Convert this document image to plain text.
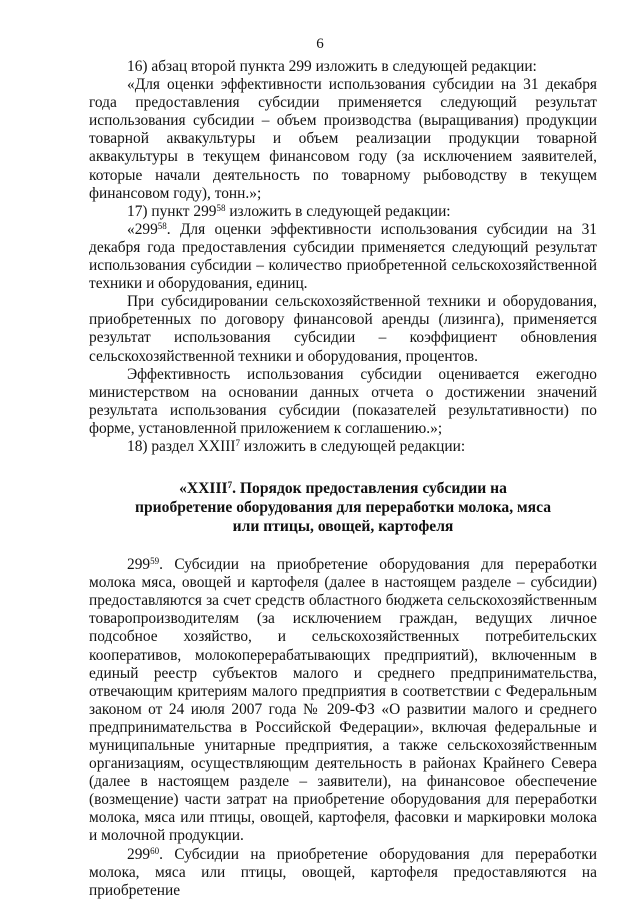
6

16) абзац второй пункта 299 изложить в следующей редакции:

«Для оценки эффективности использования субсидии на 31 декабря года предоставления субсидии применяется следующий результат использования субсидии – объем производства (выращивания) продукции товарной аквакультуры и объем реализации продукции товарной аквакультуры в текущем финансовом году (за исключением заявителей, которые начали деятельность по товарному рыбоводству в текущем финансовом году), тонн.»;

17) пункт $299^{58}$ изложить в следующей редакции:

«$299^{58}$. Для оценки эффективности использования субсидии на 31 декабря года предоставления субсидии применяется следующий результат использования субсидии – количество приобретенной сельскохозяйственной техники и оборудования, единиц.

При субсидировании сельскохозяйственной техники и оборудования, приобретенных по договору финансовой аренды (лизинга), применяется результат использования субсидии – коэффициент обновления сельскохозяйственной техники и оборудования, процентов.

Эффективность использования субсидии оценивается ежегодно министерством на основании данных отчета о достижении значений результата использования субсидии (показателей результативности) по форме, установленной приложением к соглашению.»;

18) раздел XXIII$^7$ изложить в следующей редакции:

«XXIII$^7$. Порядок предоставления субсидии на приобретение оборудования для переработки молока, мяса или птицы, овощей, картофеля

$299^{59}$. Субсидии на приобретение оборудования для переработки молока мяса, овощей и картофеля (далее в настоящем разделе – субсидии) предоставляются за счет средств областного бюджета сельскохозяйственным товаропроизводителям (за исключением граждан, ведущих личное подсобное хозяйство, и сельскохозяйственных потребительских кооперативов, молокоперерабатывающих предприятий), включенным в единый реестр субъектов малого и среднего предпринимательства, отвечающим критериям малого предприятия в соответствии с Федеральным законом от 24 июля 2007 года № 209-ФЗ «О развитии малого и среднего предпринимательства в Российской Федерации», включая федеральные и муниципальные унитарные предприятия, а также сельскохозяйственным организациям, осуществляющим деятельность в районах Крайнего Севера (далее в настоящем разделе – заявители), на финансовое обеспечение (возмещение) части затрат на приобретение оборудования для переработки молока, мяса или птицы, овощей, картофеля, фасовки и маркировки молока и молочной продукции.

$299^{60}$. Субсидии на приобретение оборудования для переработки молока, мяса или птицы, овощей, картофеля предоставляются на приобретение
